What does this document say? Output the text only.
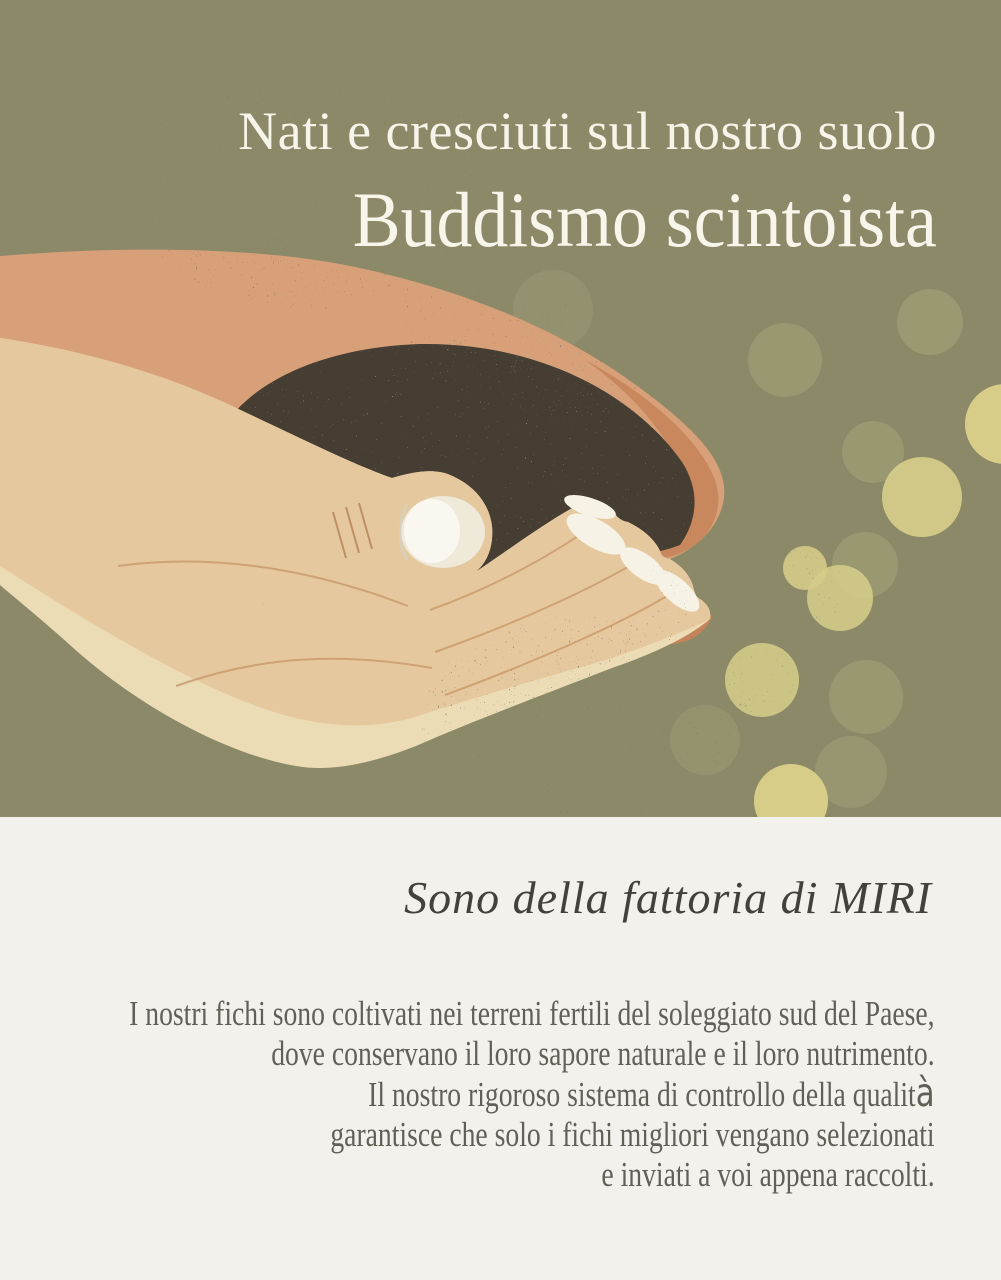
Nati e cresciuti sul nostro suolo
Buddismo scintoista
Sono della fattoria di MIRI
I nostri fichi sono coltivati nei terreni fertili del soleggiato sud del Paese,
dove conservano il loro sapore naturale e il loro nutrimento.
Il nostro rigoroso sistema di controllo della qualità
garantisce che solo i fichi migliori vengano selezionati
e inviati a voi appena raccolti.
